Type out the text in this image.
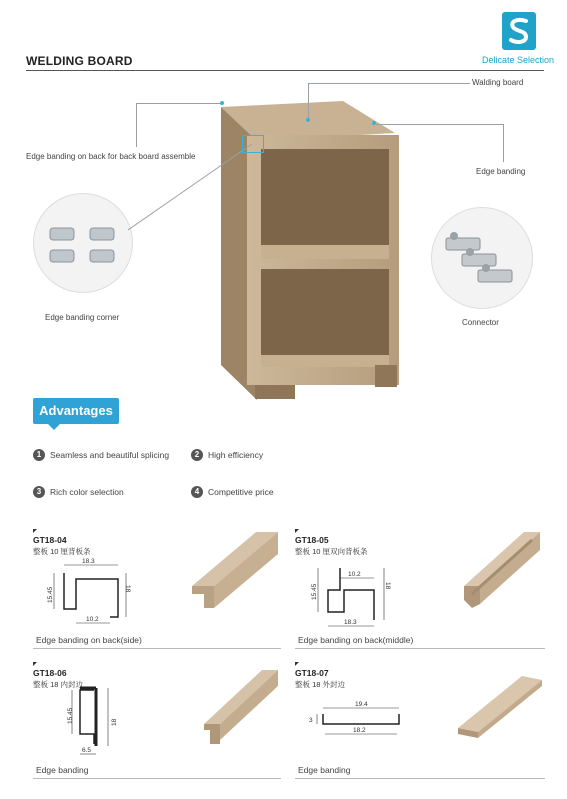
WELDING BOARD	Delicate Selection
Walding board
Edge banding
Edge banding on back for back board assemble
Edge banding corner
Connector
Advantages
1	Seamless and beautiful splicing	2	High efficiency
3	Rich color selection	4	Competitive price
GT18-04
整板 10 厘背板条
18.3
15.45	18
10.2
Edge banding on back(side)
GT18-05
整板 10 厘双向背板条
10.2
15.45	18
18.3
Edge banding on back(middle)
GT18-06
整板 18 内封边
15.45	18
6.5
Edge banding
GT18-07
整板 18 外封边
19.4
3
18.2
Edge banding
